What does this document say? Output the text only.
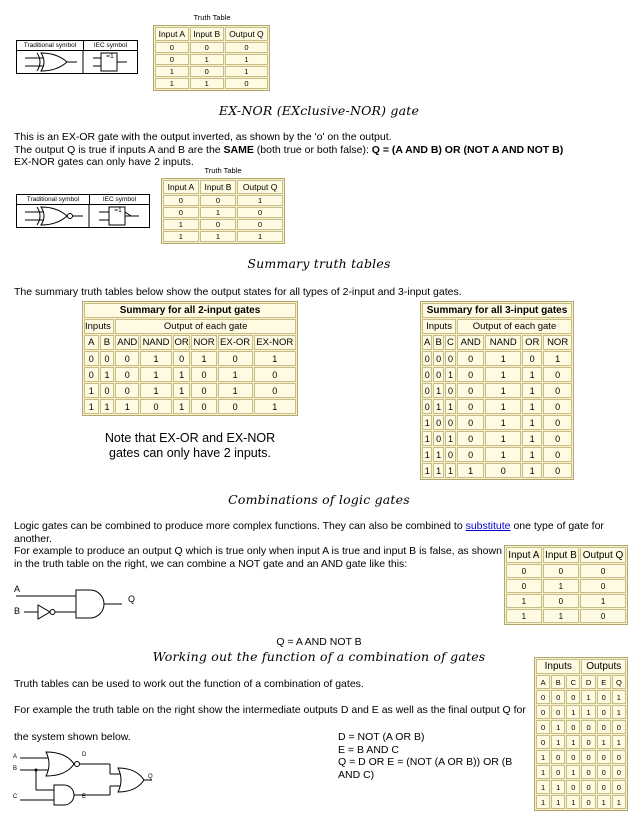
Truth Table
Input A	Input B	Output Q
0	0	0
0	1	1
1	0	1
1	1	0
Traditional symbol	IEC symbol
=1
EX-NOR (EXclusive-NOR) gate
This is an EX-OR gate with the output inverted, as shown by the 'o' on the output.
The output Q is true if inputs A and B are the SAME (both true or both false): Q = (A AND B) OR (NOT A AND NOT B)
EX-NOR gates can only have 2 inputs.
Truth Table
Input A	Input B	Output Q
0	0	1
0	1	0
1	0	0
1	1	1
Traditional symbol	IEC symbol
=1
Summary truth tables
The summary truth tables below show the output states for all types of 2-input and 3-input gates.
Summary for all 2-input gates							
Inputs		Output of each gate					
A	B	AND	NAND	OR	NOR	EX-OR	EX-NOR
0	0	0	1	0	1	0	1
0	1	0	1	1	0	1	0
1	0	0	1	1	0	1	0
1	1	1	0	1	0	0	1
Note that EX-OR and EX-NOR gates can only have 2 inputs.
Summary for all 3-input gates						
Inputs			Output of each gate			
A	B	C	AND	NAND	OR	NOR
0	0	0	0	1	0	1
0	0	1	0	1	1	0
0	1	0	0	1	1	0
0	1	1	0	1	1	0
1	0	0	0	1	1	0
1	0	1	0	1	1	0
1	1	0	0	1	1	0
1	1	1	1	0	1	0
Combinations of logic gates
Logic gates can be combined to produce more complex functions. They can also be combined to substitute one type of gate for
another.
For example to produce an output Q which is true only when input A is true and input B is false, as shown
in the truth table on the right, we can combine a NOT gate and an AND gate like this:
Input A	Input B	Output Q
0	0	0
0	1	0
1	0	1
1	1	0
A
B
Q
Q = A AND NOT B
Working out the function of a combination of gates
Truth tables can be used to work out the function of a combination of gates.
For example the truth table on the right show the intermediate outputs D and E as well as the final output Q for
the system shown below.	D = NOT (A OR B)
E = B AND C
Q = D OR E = (NOT (A OR B)) OR (B
AND C)
Inputs			Outputs		
A	B	C	D	E	Q
0	0	0	1	0	1
0	0	1	1	0	1
0	1	0	0	0	0
0	1	1	0	1	1
1	0	0	0	0	0
1	0	1	0	0	0
1	1	0	0	0	0
1	1	1	0	1	1
A
B
C
D
E
Q
